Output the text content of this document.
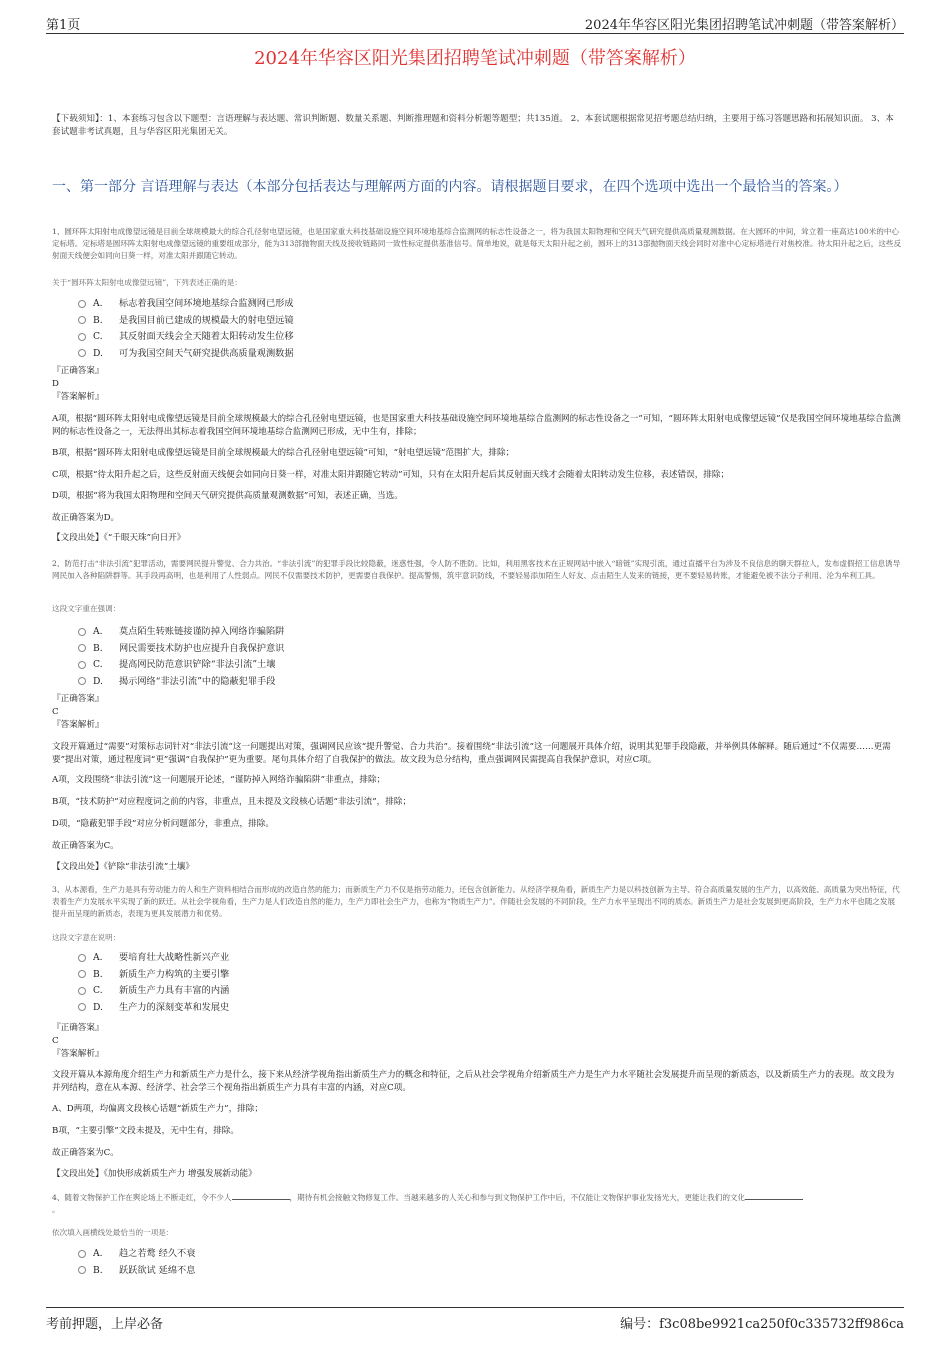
第1页	2024年华容区阳光集团招聘笔试冲刺题（带答案解析）
2024年华容区阳光集团招聘笔试冲刺题（带答案解析）
【下载须知】：1、本套练习包含以下题型：言语理解与表达题、常识判断题、数量关系题、判断推理题和资料分析题等题型；共135道。 2、本套试题根据常见招考题总结归纳，主要用于练习答题思路和拓展知识面。 3、本套试题非考试真题，且与华容区阳光集团无关。
一、第一部分 言语理解与表达（本部分包括表达与理解两方面的内容。请根据题目要求，在四个选项中选出一个最恰当的答案。）
1、圆环阵太阳射电成像望远镜是目前全球规模最大的综合孔径射电望远镜，也是国家重大科技基础设施空间环境地基综合监测网的标志性设备之一，将为我国太阳物理和空间天气研究提供高质量观测数据。在大圆环的中间，耸立着一座高达100米的中心定标塔。定标塔是圆环阵太阳射电成像望远镜的重要组成部分，能为313部抛物面天线及接收链路同一致性标定提供基准信号。简单地说，就是每天太阳升起之前，圆环上的313部抛物面天线会同时对准中心定标塔进行对焦校准。待太阳升起之后，这些反射面天线便会如同向日葵一样，对准太阳并跟随它转动。
关于“圆环阵太阳射电成像望远镜”，下列表述正确的是：
A. 标志着我国空间环境地基综合监测网已形成
B. 是我国目前已建成的规模最大的射电望远镜
C. 其反射面天线会全天随着太阳转动发生位移
D. 可为我国空间天气研究提供高质量观测数据
『正确答案』
D
『答案解析』
A项，根据“圆环阵太阳射电成像望远镜是目前全球规模最大的综合孔径射电望远镜，也是国家重大科技基础设施空间环境地基综合监测网的标志性设备之一”可知，“圆环阵太阳射电成像望远镜”仅是我国空间环境地基综合监测网的标志性设备之一，无法得出其标志着我国空间环境地基综合监测网已形成，无中生有，排除；
B项，根据“圆环阵太阳射电成像望远镜是目前全球规模最大的综合孔径射电望远镜”可知，“射电望远镜”范围扩大，排除；
C项，根据“待太阳升起之后，这些反射面天线便会如同向日葵一样，对准太阳并跟随它转动”可知，只有在太阳升起后其反射面天线才会随着太阳转动发生位移，表述错误，排除；
D项，根据“将为我国太阳物理和空间天气研究提供高质量观测数据”可知，表述正确，当选。
故正确答案为D。
【文段出处】《“千眼天珠”向日开》
2、防范打击“非法引流”犯罪活动，需要网民提升警觉、合力共治。“非法引流”的犯罪手段比较隐蔽，迷惑性强，令人防不胜防。比如，利用黑客技术在正规网站中嵌入“暗链”实现引流，通过直播平台为涉及不良信息的聊天群拉人，发布虚假招工信息诱导网民加入各种陷阱群等。其手段再高明，也是利用了人性弱点。网民不仅需要技术防护，更需要自我保护。提高警惕，筑牢意识防线，不要轻易添加陌生人好友、点击陌生人发来的链接，更不要轻易转账，才能避免被不法分子利用、沦为牟利工具。
这段文字重在强调：
A. 莫点陌生转账链接谨防掉入网络诈骗陷阱
B. 网民需要技术防护也应提升自我保护意识
C. 提高网民防范意识铲除“非法引流”土壤
D. 揭示网络“非法引流”中的隐蔽犯罪手段
『正确答案』
C
『答案解析』
文段开篇通过“需要”对策标志词针对“非法引流”这一问题提出对策，强调网民应该“提升警觉、合力共治”。接着围绕“非法引流”这一问题展开具体介绍，说明其犯罪手段隐蔽，并举例具体解释。随后通过“不仅需要……更需要”提出对策，通过程度词“更”强调“自我保护”更为重要。尾句具体介绍了自我保护的做法。故文段为总分结构，重点强调网民需提高自我保护意识，对应C项。
A项，文段围绕“非法引流”这一问题展开论述，“谨防掉入网络诈骗陷阱”非重点，排除；
B项，“技术防护”对应程度词之前的内容，非重点，且未提及文段核心话题“非法引流”，排除；
D项，“隐蔽犯罪手段”对应分析问题部分，非重点，排除。
故正确答案为C。
【文段出处】《铲除“非法引流”土壤》
3、从本源看，生产力是具有劳动能力的人和生产资料相结合而形成的改造自然的能力；而新质生产力不仅是指劳动能力，还包含创新能力。从经济学视角看，新质生产力是以科技创新为主导、符合高质量发展的生产力，以高效能、高质量为突出特征，代表着生产力发展水平实现了新的跃迁。从社会学视角看，生产力是人们改造自然的能力，生产力即社会生产力，也称为“物质生产力”。伴随社会发展的不同阶段，生产力水平呈现出不同的质态。新质生产力是社会发展到更高阶段，生产力水平也随之发展提升而呈现的新质态，表现为更具发展潜力和优势。
这段文字意在说明：
A. 要培育壮大战略性新兴产业
B. 新质生产力构筑的主要引擎
C. 新质生产力具有丰富的内涵
D. 生产力的深刻变革和发展史
『正确答案』
C
『答案解析』
文段开篇从本源角度介绍生产力和新质生产力是什么，接下来从经济学视角指出新质生产力的概念和特征，之后从社会学视角介绍新质生产力是生产力水平随社会发展提升而呈现的新质态，以及新质生产力的表现。故文段为并列结构，意在从本源、经济学、社会学三个视角指出新质生产力具有丰富的内涵，对应C项。
A、D两项，均偏离文段核心话题“新质生产力”，排除；
B项，“主要引擎”文段未提及，无中生有，排除。
故正确答案为C。
【文段出处】《加快形成新质生产力 增强发展新动能》
4、随着文物保护工作在舆论场上不断走红，令不少人	，期待有机会接触文物修复工作。当越来越多的人关心和参与到文物保护工作中后，不仅能让文物保护事业发扬光大，更能让我们的文化
。
依次填入画横线处最恰当的一项是：
A. 趋之若鹜 经久不衰
B. 跃跃欲试 延绵不息
考前押题，上岸必备	编号：f3c08be9921ca250f0c335732ff986ca
